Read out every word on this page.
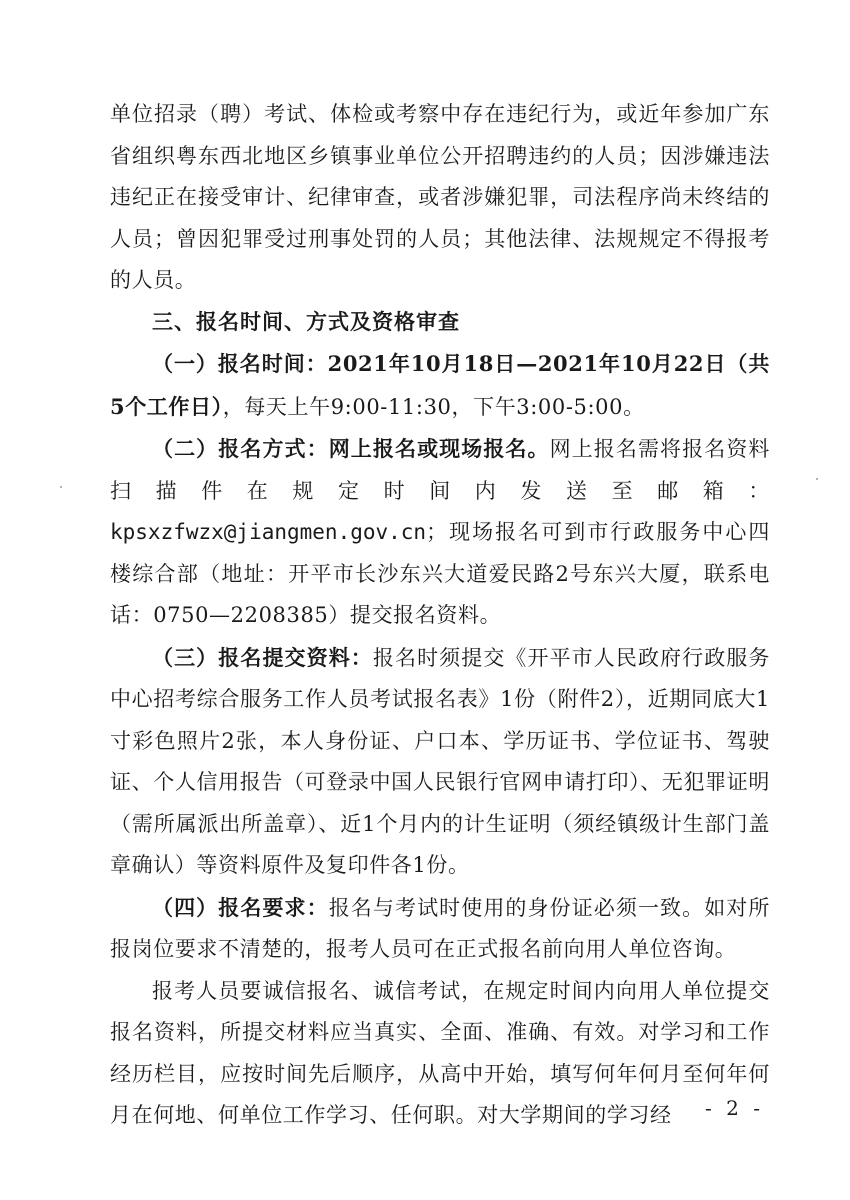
单位招录（聘）考试、体检或考察中存在违纪行为，或近年参加广东省组织粤东西北地区乡镇事业单位公开招聘违约的人员；因涉嫌违法违纪正在接受审计、纪律审查，或者涉嫌犯罪，司法程序尚未终结的人员；曾因犯罪受过刑事处罚的人员；其他法律、法规规定不得报考的人员。

三、报名时间、方式及资格审查

（一）报名时间：2021年10月18日—2021年10月22日（共5个工作日），每天上午9:00-11:30，下午3:00-5:00。

（二）报名方式：网上报名或现场报名。网上报名需将报名资料扫描件在规定时间内发送至邮箱：kpsxzfwzx@jiangmen.gov.cn；现场报名可到市行政服务中心四楼综合部（地址：开平市长沙东兴大道爱民路2号东兴大厦，联系电话：0750—2208385）提交报名资料。

（三）报名提交资料：报名时须提交《开平市人民政府行政服务中心招考综合服务工作人员考试报名表》1份（附件2），近期同底大1寸彩色照片2张，本人身份证、户口本、学历证书、学位证书、驾驶证、个人信用报告（可登录中国人民银行官网申请打印）、无犯罪证明（需所属派出所盖章）、近1个月内的计生证明（须经镇级计生部门盖章确认）等资料原件及复印件各1份。

（四）报名要求：报名与考试时使用的身份证必须一致。如对所报岗位要求不清楚的，报考人员可在正式报名前向用人单位咨询。

报考人员要诚信报名、诚信考试，在规定时间内向用人单位提交报名资料，所提交材料应当真实、全面、准确、有效。对学习和工作经历栏目，应按时间先后顺序，从高中开始，填写何年何月至何年何月在何地、何单位工作学习、任何职。对大学期间的学习经	- 2 -
